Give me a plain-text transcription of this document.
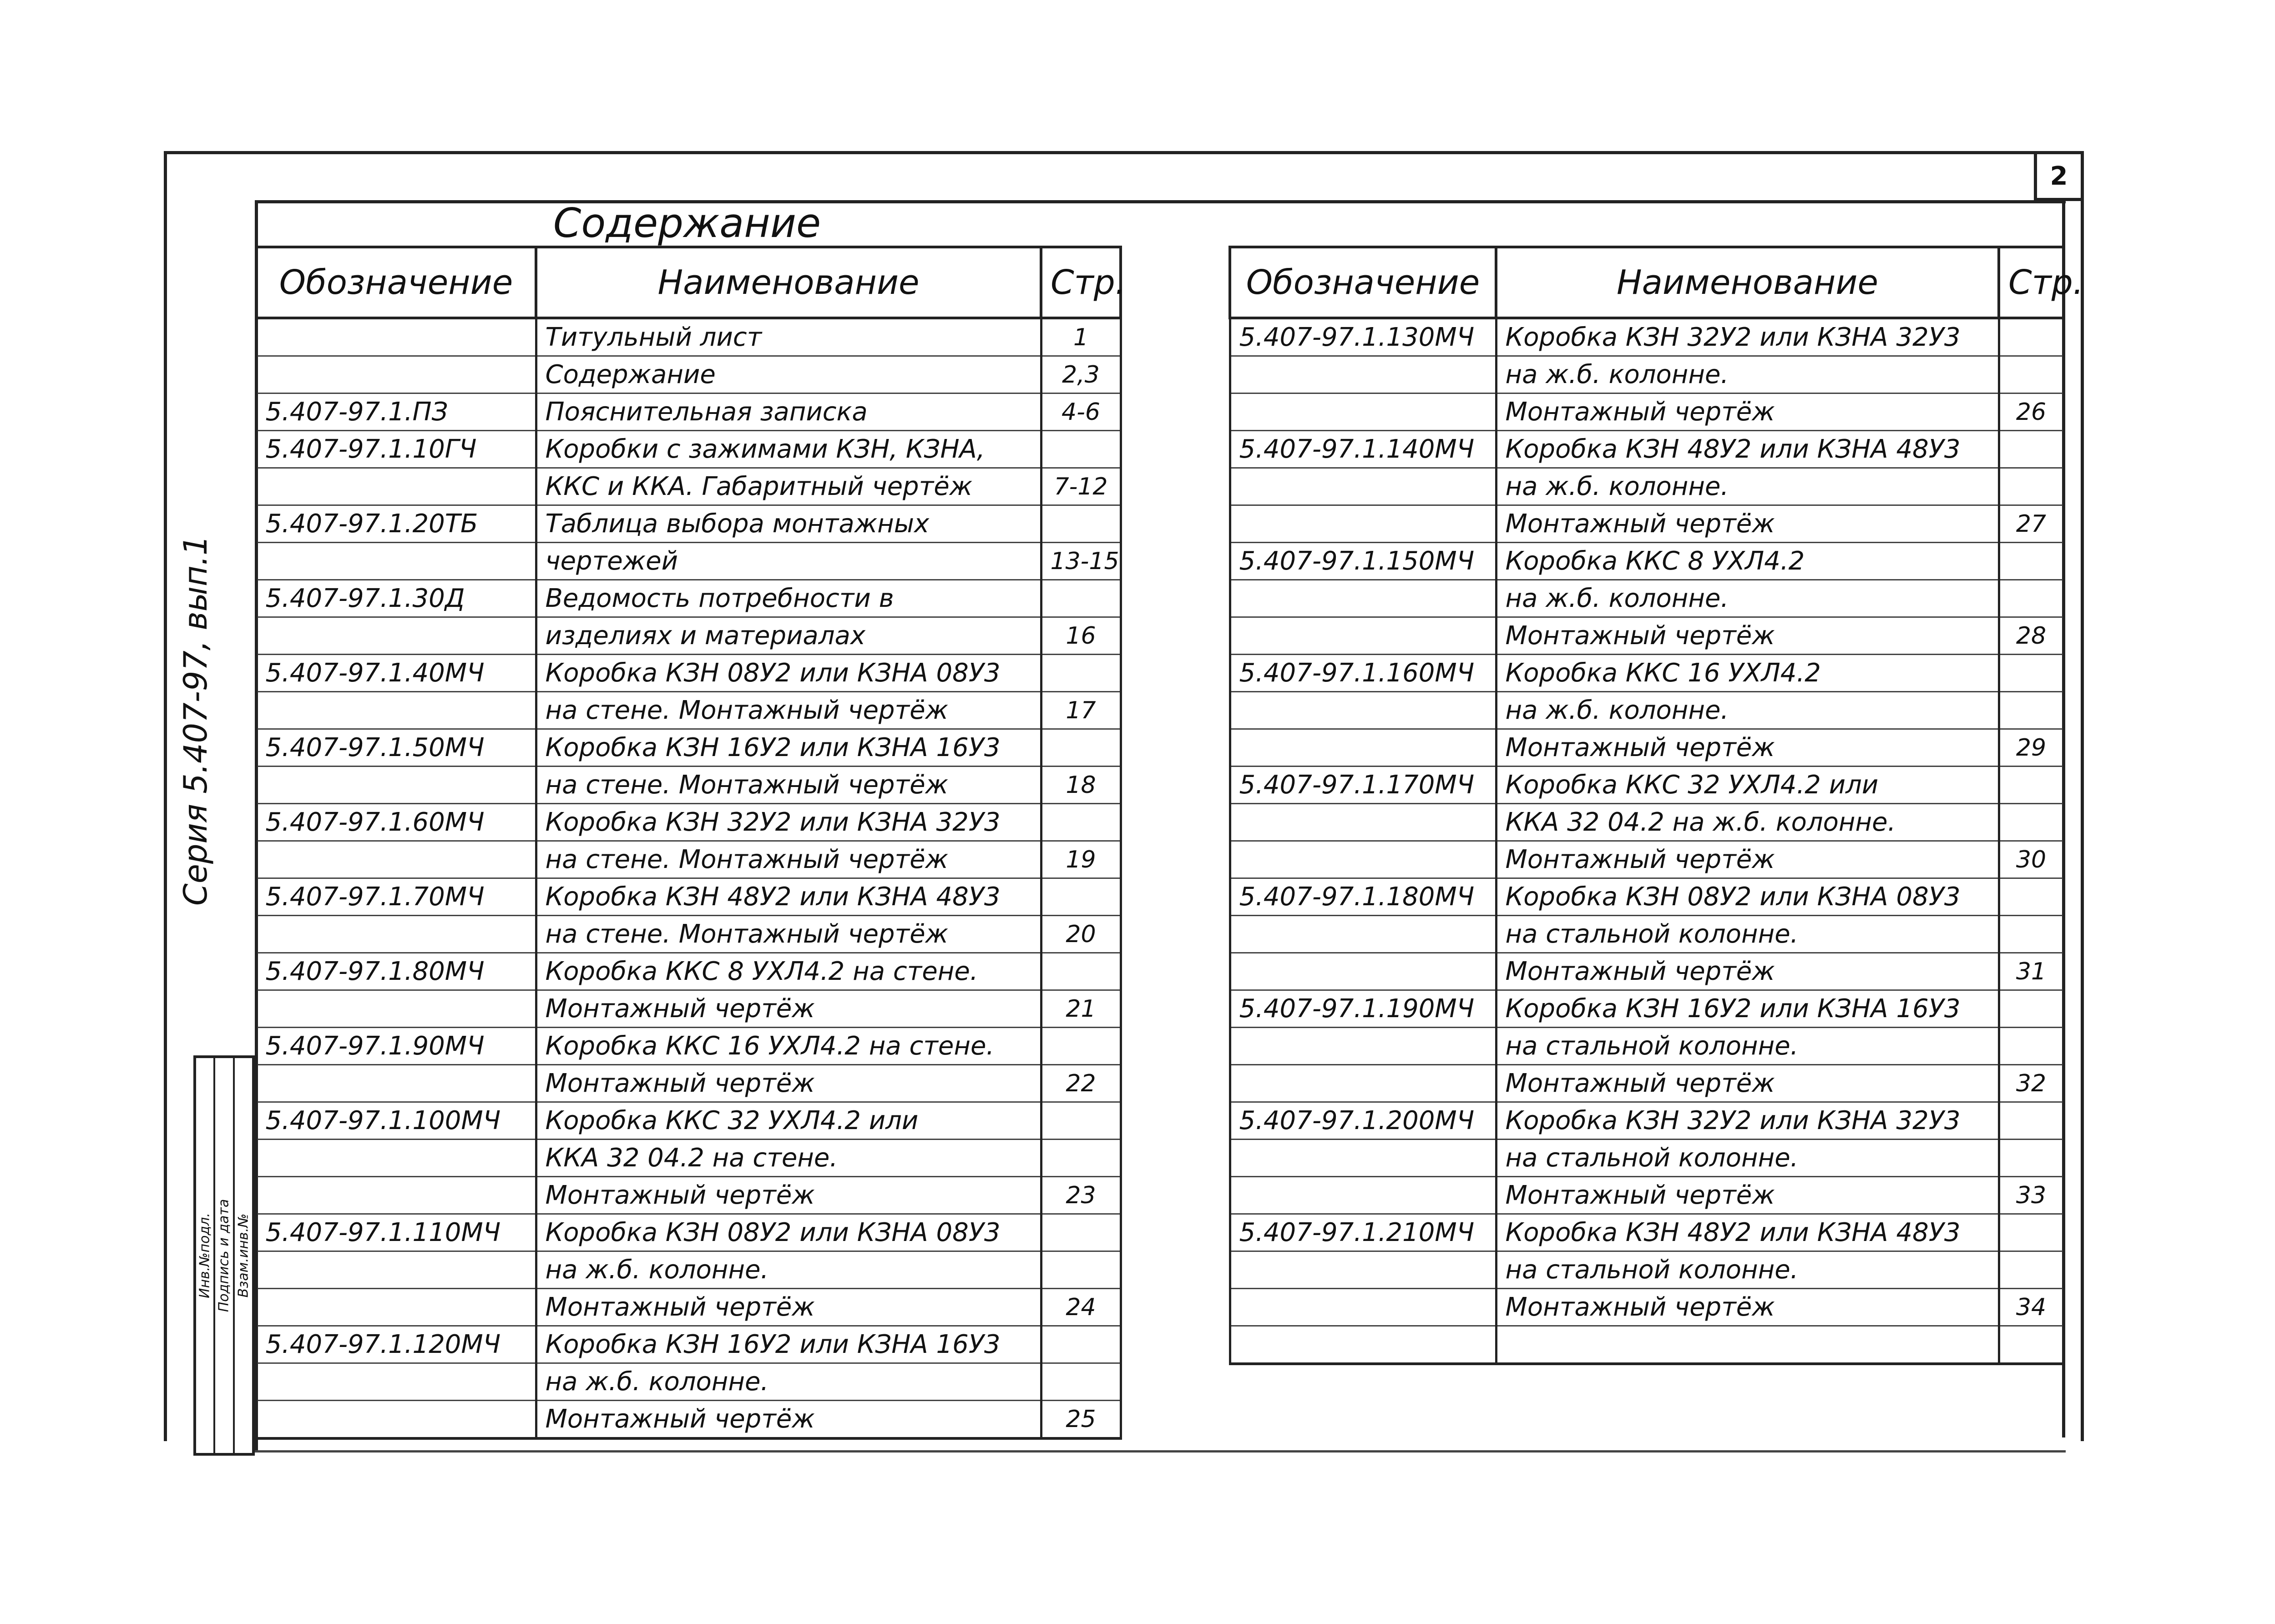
2
Серия 5.407-97, вып.1
Инв.№подл. Подпись и дата Взам.инв.№
Содержание
Обозначение	Наименование	Стр.
	Титульный лист	1
	Содержание	2,3
5.407-97.1.ПЗ	Пояснительная записка	4-6
5.407-97.1.10ГЧ	Коробки с зажимами КЗН, КЗНА,	
	ККС и ККА. Габаритный чертёж	7-12
5.407-97.1.20ТБ	Таблица выбора монтажных	
	чертежей	13-15
5.407-97.1.30Д	Ведомость потребности в	
	изделиях и материалах	16
5.407-97.1.40МЧ	Коробка КЗН 08У2 или КЗНА 08У3	
	на стене. Монтажный чертёж	17
5.407-97.1.50МЧ	Коробка КЗН 16У2 или КЗНА 16У3	
	на стене. Монтажный чертёж	18
5.407-97.1.60МЧ	Коробка КЗН 32У2 или КЗНА 32У3	
	на стене. Монтажный чертёж	19
5.407-97.1.70МЧ	Коробка КЗН 48У2 или КЗНА 48У3	
	на стене. Монтажный чертёж	20
5.407-97.1.80МЧ	Коробка ККС 8 УХЛ4.2 на стене.	
	Монтажный чертёж	21
5.407-97.1.90МЧ	Коробка ККС 16 УХЛ4.2 на стене.	
	Монтажный чертёж	22
5.407-97.1.100МЧ	Коробка ККС 32 УХЛ4.2 или	
	ККА 32 04.2 на стене.	
	Монтажный чертёж	23
5.407-97.1.110МЧ	Коробка КЗН 08У2 или КЗНА 08У3	
	на ж.б. колонне.	
	Монтажный чертёж	24
5.407-97.1.120МЧ	Коробка КЗН 16У2 или КЗНА 16У3	
	на ж.б. колонне.	
	Монтажный чертёж	25
Обозначение	Наименование	Стр.
5.407-97.1.130МЧ	Коробка КЗН 32У2 или КЗНА 32У3	
	на ж.б. колонне.	
	Монтажный чертёж	26
5.407-97.1.140МЧ	Коробка КЗН 48У2 или КЗНА 48У3	
	на ж.б. колонне.	
	Монтажный чертёж	27
5.407-97.1.150МЧ	Коробка ККС 8 УХЛ4.2	
	на ж.б. колонне.	
	Монтажный чертёж	28
5.407-97.1.160МЧ	Коробка ККС 16 УХЛ4.2	
	на ж.б. колонне.	
	Монтажный чертёж	29
5.407-97.1.170МЧ	Коробка ККС 32 УХЛ4.2 или	
	ККА 32 04.2 на ж.б. колонне.	
	Монтажный чертёж	30
5.407-97.1.180МЧ	Коробка КЗН 08У2 или КЗНА 08У3	
	на стальной колонне.	
	Монтажный чертёж	31
5.407-97.1.190МЧ	Коробка КЗН 16У2 или КЗНА 16У3	
	на стальной колонне.	
	Монтажный чертёж	32
5.407-97.1.200МЧ	Коробка КЗН 32У2 или КЗНА 32У3	
	на стальной колонне.	
	Монтажный чертёж	33
5.407-97.1.210МЧ	Коробка КЗН 48У2 или КЗНА 48У3	
	на стальной колонне.	
	Монтажный чертёж	34
